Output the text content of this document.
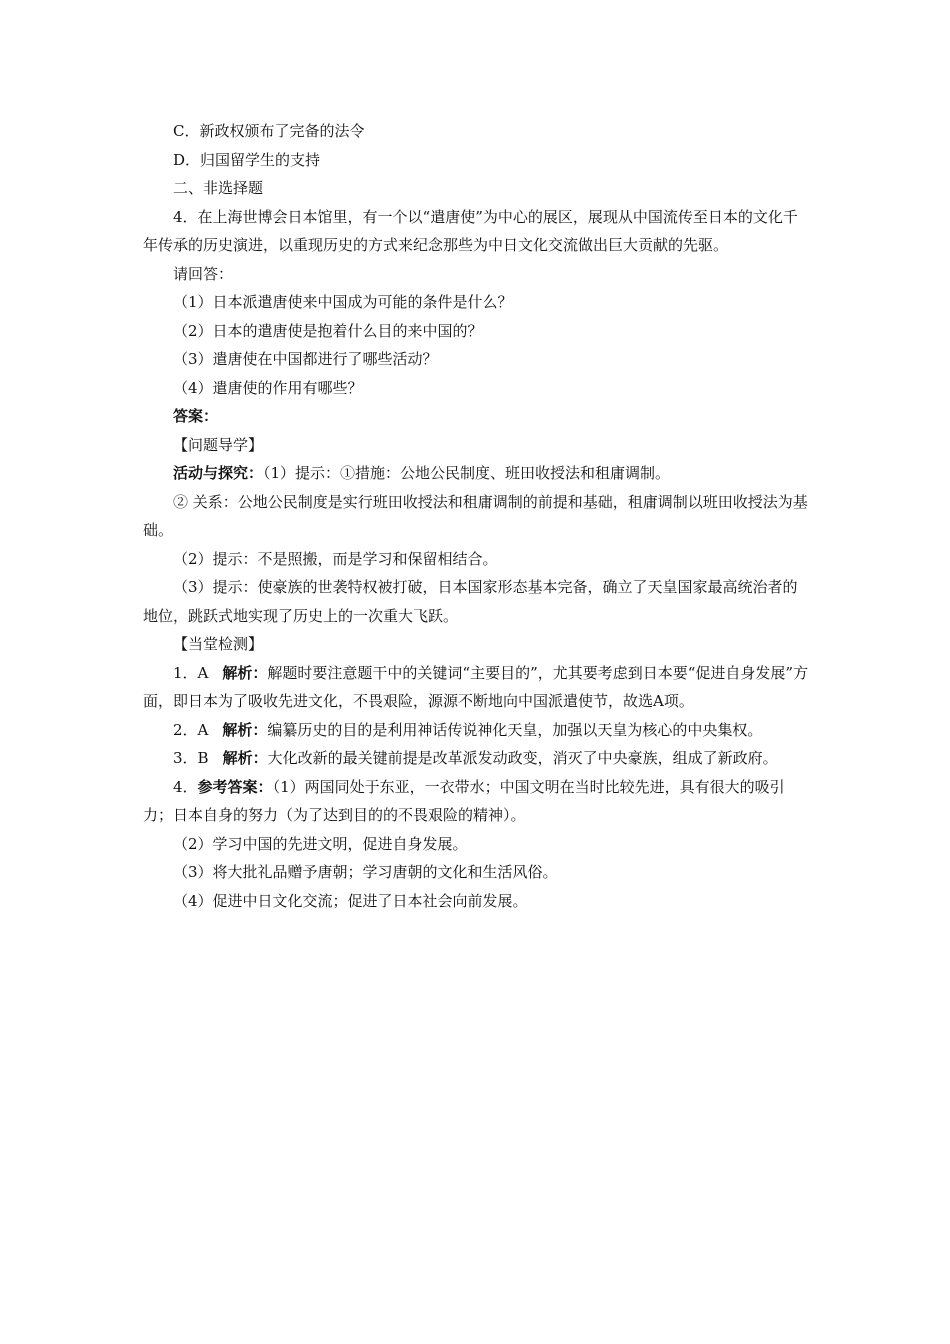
C．新政权颁布了完备的法令

D．归国留学生的支持

二、非选择题

4．在上海世博会日本馆里，有一个以“遣唐使”为中心的展区，展现从中国流传至日本的文化千年传承的历史演进，以重现历史的方式来纪念那些为中日文化交流做出巨大贡献的先驱。

请回答：

（1）日本派遣唐使来中国成为可能的条件是什么？

（2）日本的遣唐使是抱着什么目的来中国的？

（3）遣唐使在中国都进行了哪些活动？

（4）遣唐使的作用有哪些？

答案：

【问题导学】

活动与探究：（1）提示：①措施：公地公民制度、班田收授法和租庸调制。

② 关系：公地公民制度是实行班田收授法和租庸调制的前提和基础，租庸调制以班田收授法为基础。

（2）提示：不是照搬，而是学习和保留相结合。

（3）提示：使豪族的世袭特权被打破，日本国家形态基本完备，确立了天皇国家最高统治者的地位，跳跃式地实现了历史上的一次重大飞跃。

【当堂检测】

1．A 解析：解题时要注意题干中的关键词“主要目的”，尤其要考虑到日本要“促进自身发展”方面，即日本为了吸收先进文化，不畏艰险，源源不断地向中国派遣使节，故选A项。

2．A 解析：编纂历史的目的是利用神话传说神化天皇，加强以天皇为核心的中央集权。

3．B 解析：大化改新的最关键前提是改革派发动政变，消灭了中央豪族，组成了新政府。

4．参考答案：（1）两国同处于东亚，一衣带水；中国文明在当时比较先进，具有很大的吸引力；日本自身的努力（为了达到目的的不畏艰险的精神）。

（2）学习中国的先进文明，促进自身发展。

（3）将大批礼品赠予唐朝；学习唐朝的文化和生活风俗。

（4）促进中日文化交流；促进了日本社会向前发展。
